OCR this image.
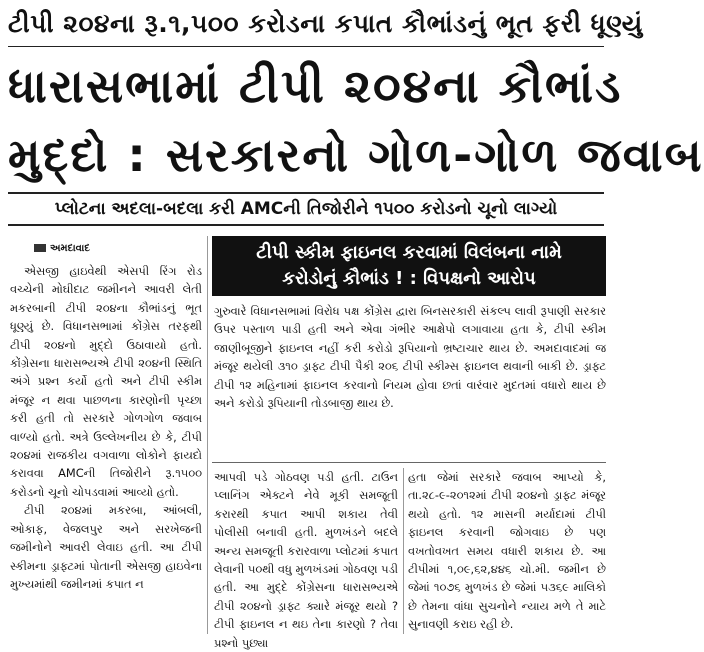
ટીપી ૨૦૪ના રૂ.૧,૫૦૦ કરોડના કપાત કૌભાંડનું ભૂત ફરી ધૂણ્યું
ધારાસભામાં ટીપી ૨૦૪ના કૌભાંડ
મુદ્દો : સરકારનો ગોળ-ગોળ જવાબ
પ્લોટના અદલા-બદલા કરી AMCની તિજોરીને ૧૫૦૦ કરોડનો ચૂનો લાગ્યો
અમદાવાદ

એસજી હાઇવેથી એસપી રિંગ રોડ વચ્ચેની મોઘીદાટ જમીનને આવરી લેતી મકરબાની ટીપી ૨૦૪ના કૌભાંડનું ભૂત ધૂણ્યું છે. વિધાનસભામાં કોંગ્રેસ તરફથી ટીપી ૨૦૪નો મુદ્દો ઉઠાવાયો હતો. કોંગ્રેસના ધારાસભ્યએ ટીપી ૨૦૪ની સ્થિતિ અંગે પ્રશ્ન કર્યો હતો અને ટીપી સ્કીમ મંજૂર ન થવા પાછળના કારણોની પૃચ્છા કરી હતી તો સરકારે ગોળગોળ જવાબ વાળ્યો હતો. અત્રે ઉલ્લેખનીય છે કે, ટીપી ૨૦૪માં રાજકીય વગવાળા લોકોને ફાયદો કરાવવા AMCની તિજોરીને રૂ.૧૫૦૦ કરોડનો ચૂનો ચોપડવામાં આવ્યો હતો.

ટીપી ૨૦૪માં મકરબા, આંબલી, ઓકાફ, વેજલપુર અને સરખેજની જમીનોને આવરી લેવાઇ હતી. આ ટીપી સ્કીમના ડ્રાફ્ટમાં પોતાની એસજી હાઇવેના મુખ્યમાંથી જમીનમાં કપાત ન

ટીપી સ્કીમ ફાઇનલ કરવામાં વિલંબના નામે
કરોડોનું કૌભાંડ ! : વિપક્ષનો આરોપ
ગુરુવારે વિધાનસભામાં વિરોધ પક્ષ કોંગ્રેસ દ્વારા બિનસરકારી સંકલ્પ લાવી રૂપાણી સરકાર ઉપર પસ્તાળ પાડી હતી અને એવા ગંભીર આક્ષેપો લગાવાયા હતા કે, ટીપી સ્કીમ જાણીબૂજીને ફાઇનલ નહીં કરી કરોડો રૂપિયાનો ભ્રષ્ટાચાર થાય છે. અમદાવાદમાં જ મંજૂર થયેલી ૩૧૦ ડ્રાફ્ટ ટીપી પૈકી ૨૦૬ ટીપી સ્કીમ્સ ફાઇનલ થવાની બાકી છે. ડ્રાફ્ટ ટીપી ૧૨ મહિનામાં ફાઇનલ કરવાનો નિયમ હોવા છતાં વારંવાર મુદતમાં વધારો થાય છે અને કરોડો રૂપિયાની તોડબાજી થાય છે.

આપવી પડે ગોઠવણ પડી હતી. ટાઉન પ્લાનિંગ એક્ટને નેવે મૂકી સમજૂતી કરારથી કપાત આપી શકાય તેવી પોલીસી બનાવી હતી. મુળખંડને બદલે અન્ય સમજૂતી કરારવાળા પ્લોટમાં કપાત લેવાની ૫૦થી વધુ મુળખંડમાં ગોઠવણ પડી હતી. આ મુદ્દે કોંગ્રેસના ધારાસભ્યએ ટીપી ૨૦૪નો ડ્રાફ્ટ ક્યારે મંજૂર થયો ? ટીપી ફાઇનલ ન થઇ તેના કારણો ? તેવા પ્રશ્નો પુછ્યા

હતા જેમાં સરકારે જવાબ આપ્યો કે, તા.૨૮-૯-૨૦૧૨માં ટીપી ૨૦૪નો ડ્રાફ્ટ મંજૂર થયો હતો. ૧૨ માસની મર્યાદામાં ટીપી ફાઇનલ કરવાની જોગવાઇ છે પણ વખતોવખત સમય વધારી શકાય છે. આ ટીપીમાં ૧,૦૯,૬૨,૪૪૬ ચો.મી. જમીન છે જેમાં ૧૦૭૬ મુળખંડ છે જેમાં ૫૩૬૯ માલિકો છે તેમના વાંધા સુચનોને ન્યાય મળે તે માટે સુનાવણી કરાઇ રહી છે.
